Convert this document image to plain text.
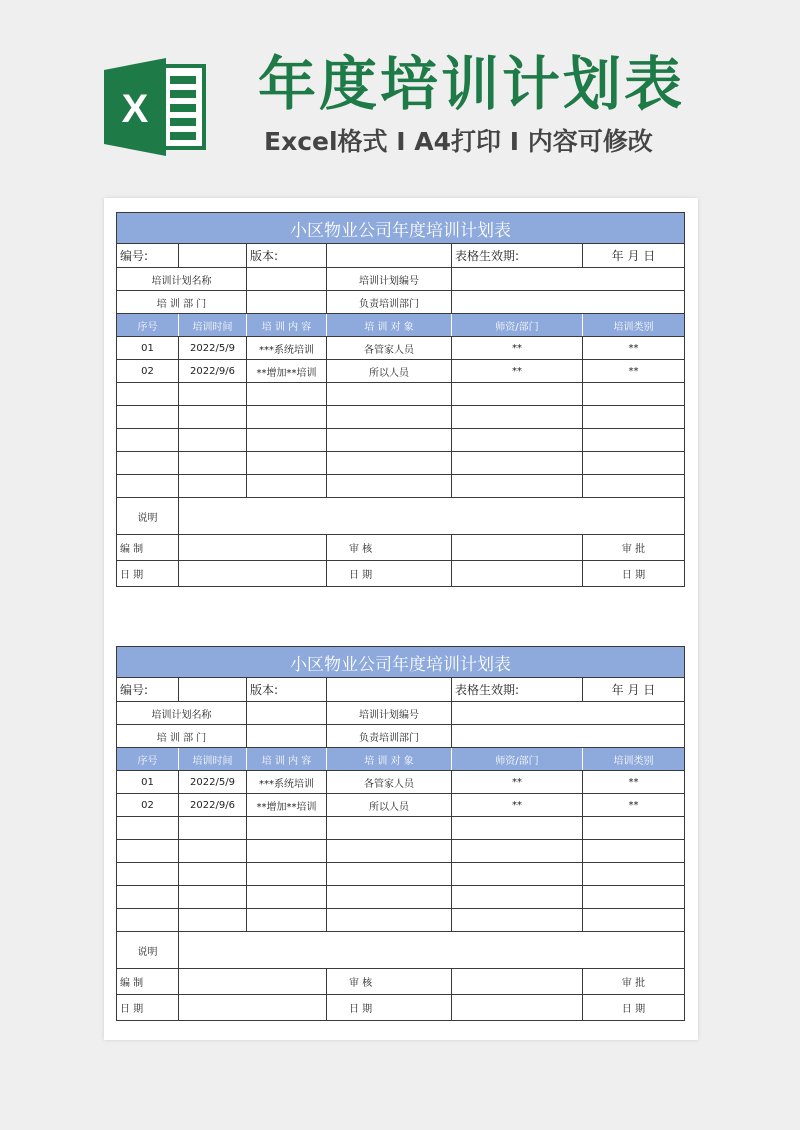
X 年度培训计划表
Excel格式 I A4打印 I 内容可修改
小区物业公司年度培训计划表					
编号:		版本:		表格生效期:	年 月 日
培训计划名称			培训计划编号		
培 训 部 门			负责培训部门		
序号	培训时间	培 训 内 容	培 训 对 象	师资/部门	培训类别
01	2022/5/9	***系统培训	各管家人员	**	**
02	2022/9/6	**增加**培训	所以人员	**	**

说明					
编 制			审 核		审 批
日 期			日 期		日 期
小区物业公司年度培训计划表					
编号:		版本:		表格生效期:	年 月 日
培训计划名称			培训计划编号		
培 训 部 门			负责培训部门		
序号	培训时间	培 训 内 容	培 训 对 象	师资/部门	培训类别
01	2022/5/9	***系统培训	各管家人员	**	**
02	2022/9/6	**增加**培训	所以人员	**	**

说明					
编 制			审 核		审 批
日 期			日 期		日 期
